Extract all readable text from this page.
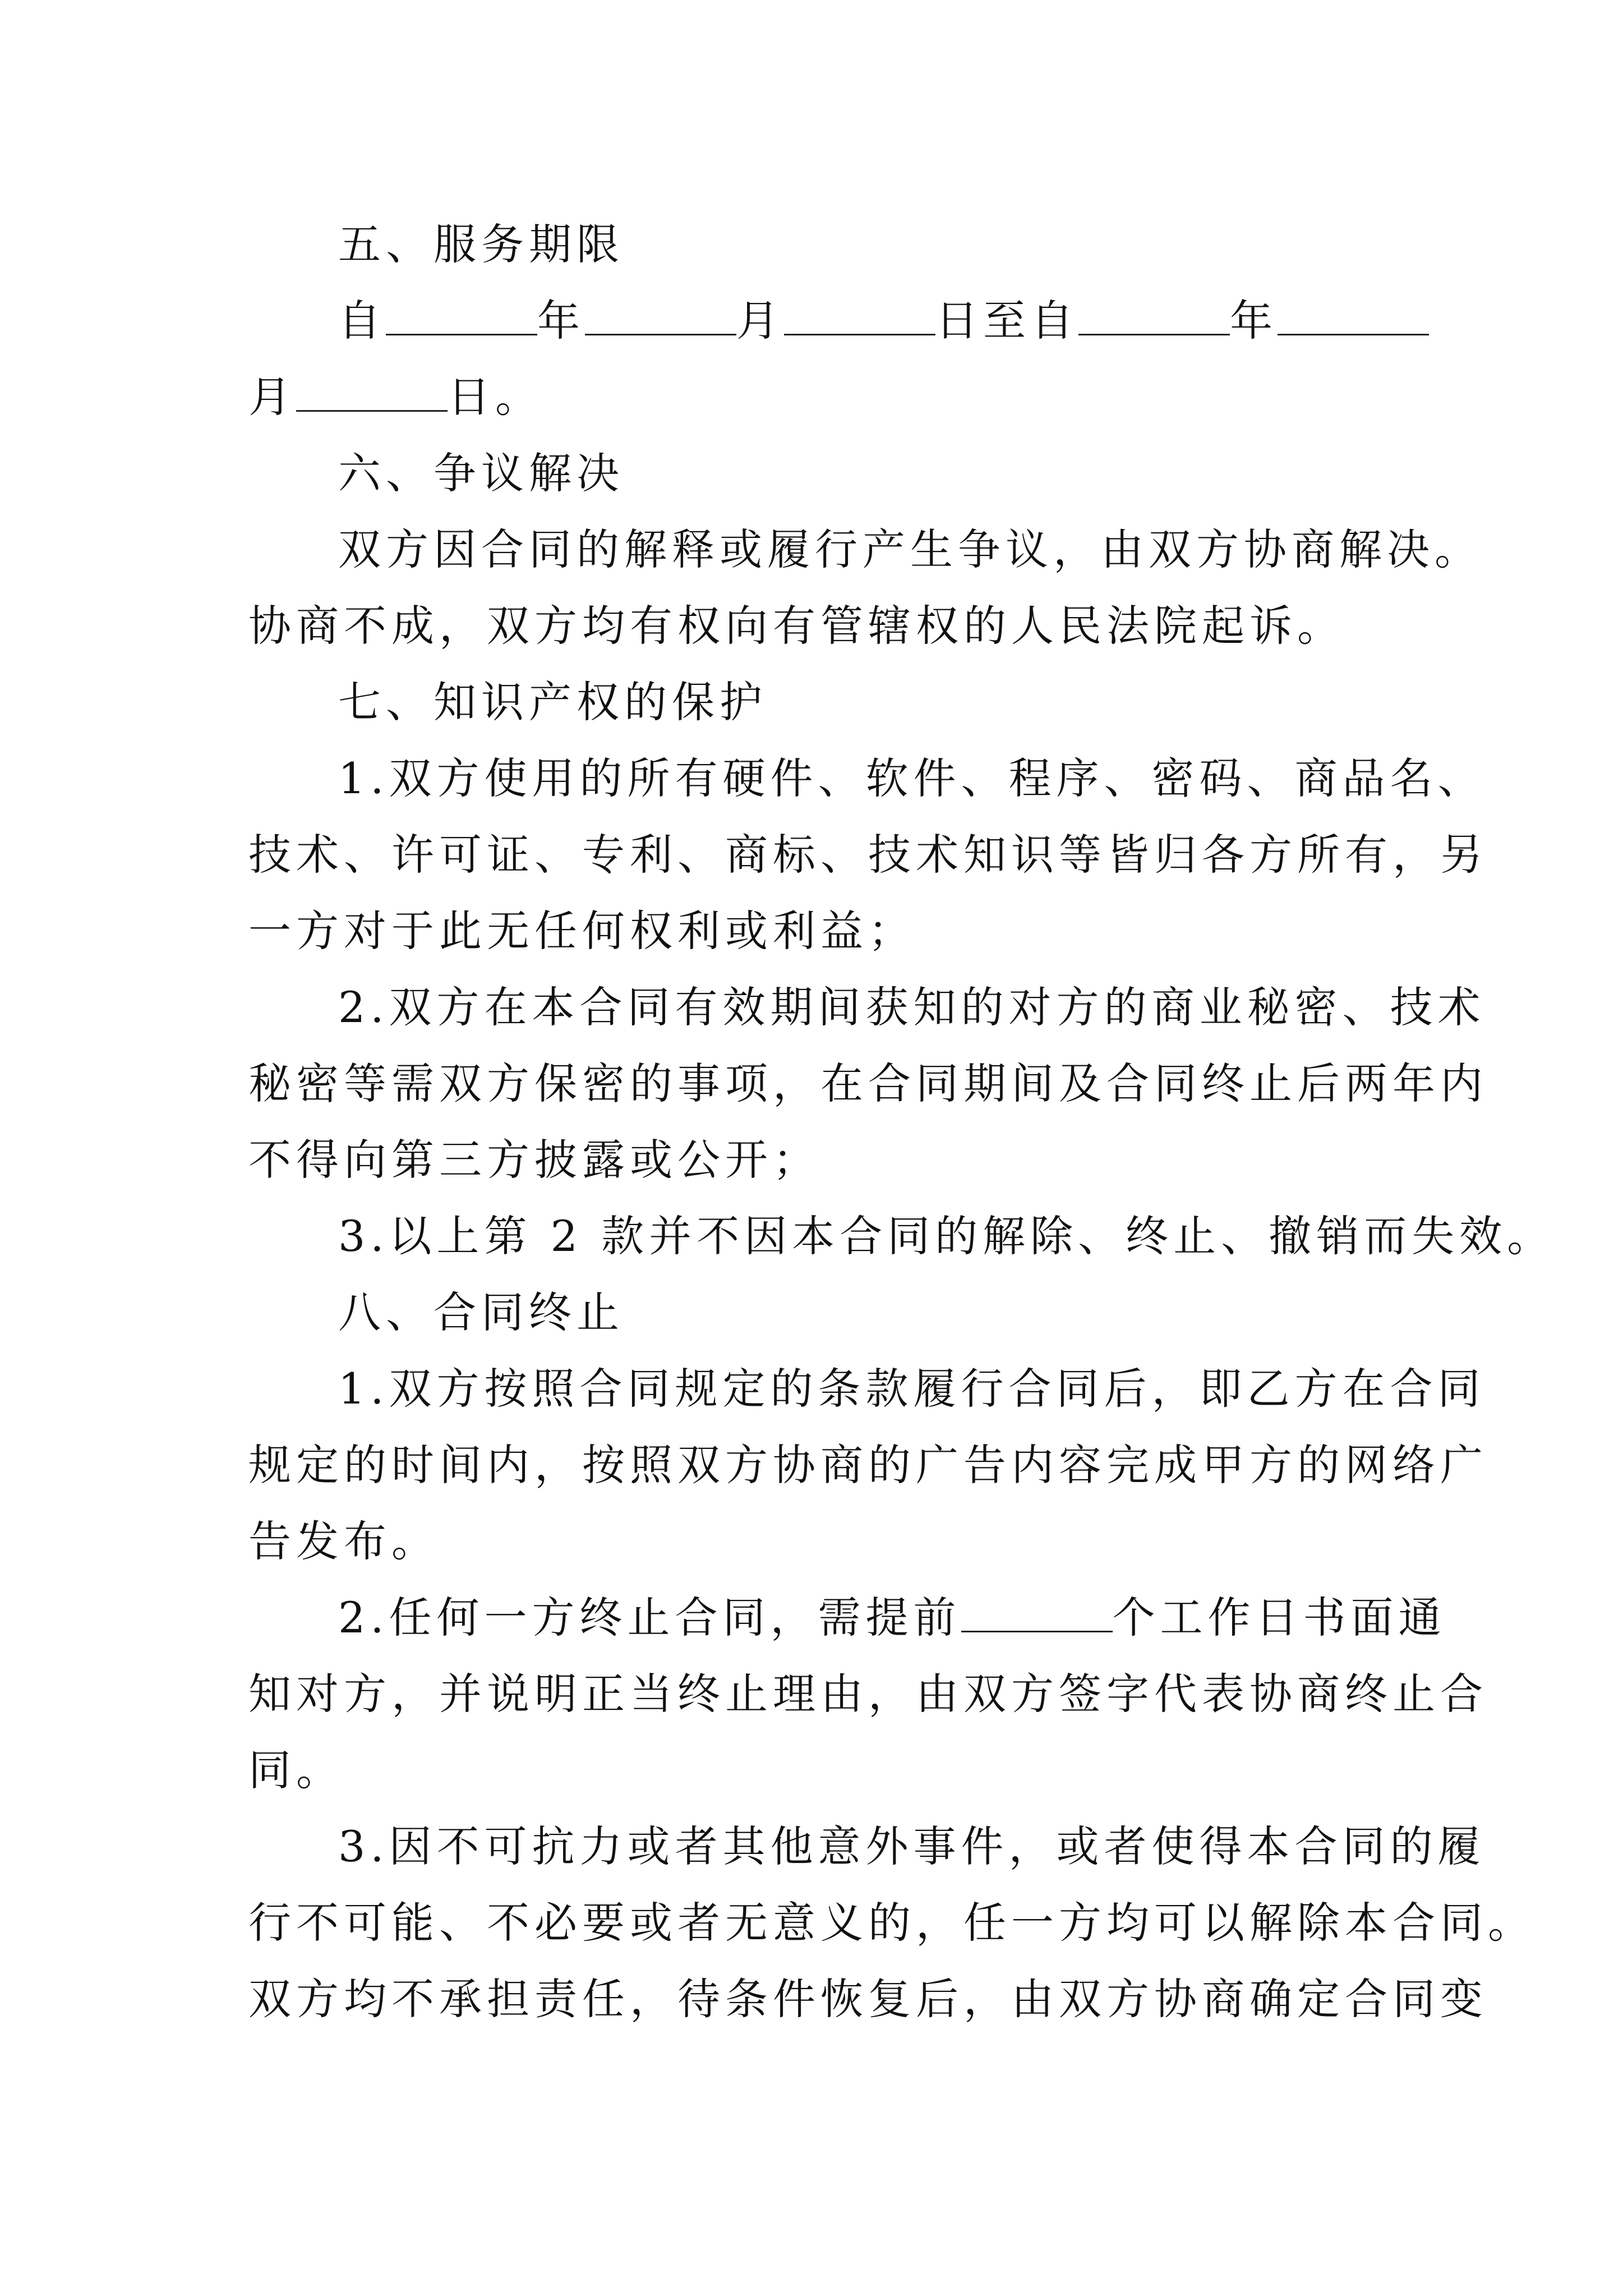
五、服务期限
自	年	月	日至自	年
月	日。
六、争议解决
双方因合同的解释或履行产生争议，由双方协商解决。
协商不成，双方均有权向有管辖权的人民法院起诉。
七、知识产权的保护
1.双方使用的所有硬件、软件、程序、密码、商品名、
技术、许可证、专利、商标、技术知识等皆归各方所有，另
一方对于此无任何权利或利益；
2.双方在本合同有效期间获知的对方的商业秘密、技术
秘密等需双方保密的事项，在合同期间及合同终止后两年内
不得向第三方披露或公开；
3.以上第 2 款并不因本合同的解除、终止、撤销而失效。
八、合同终止
1.双方按照合同规定的条款履行合同后，即乙方在合同
规定的时间内，按照双方协商的广告内容完成甲方的网络广
告发布。
2.任何一方终止合同，需提前	个工作日书面通
知对方，并说明正当终止理由，由双方签字代表协商终止合
同。
3.因不可抗力或者其他意外事件，或者使得本合同的履
行不可能、不必要或者无意义的，任一方均可以解除本合同。
双方均不承担责任，待条件恢复后，由双方协商确定合同变
